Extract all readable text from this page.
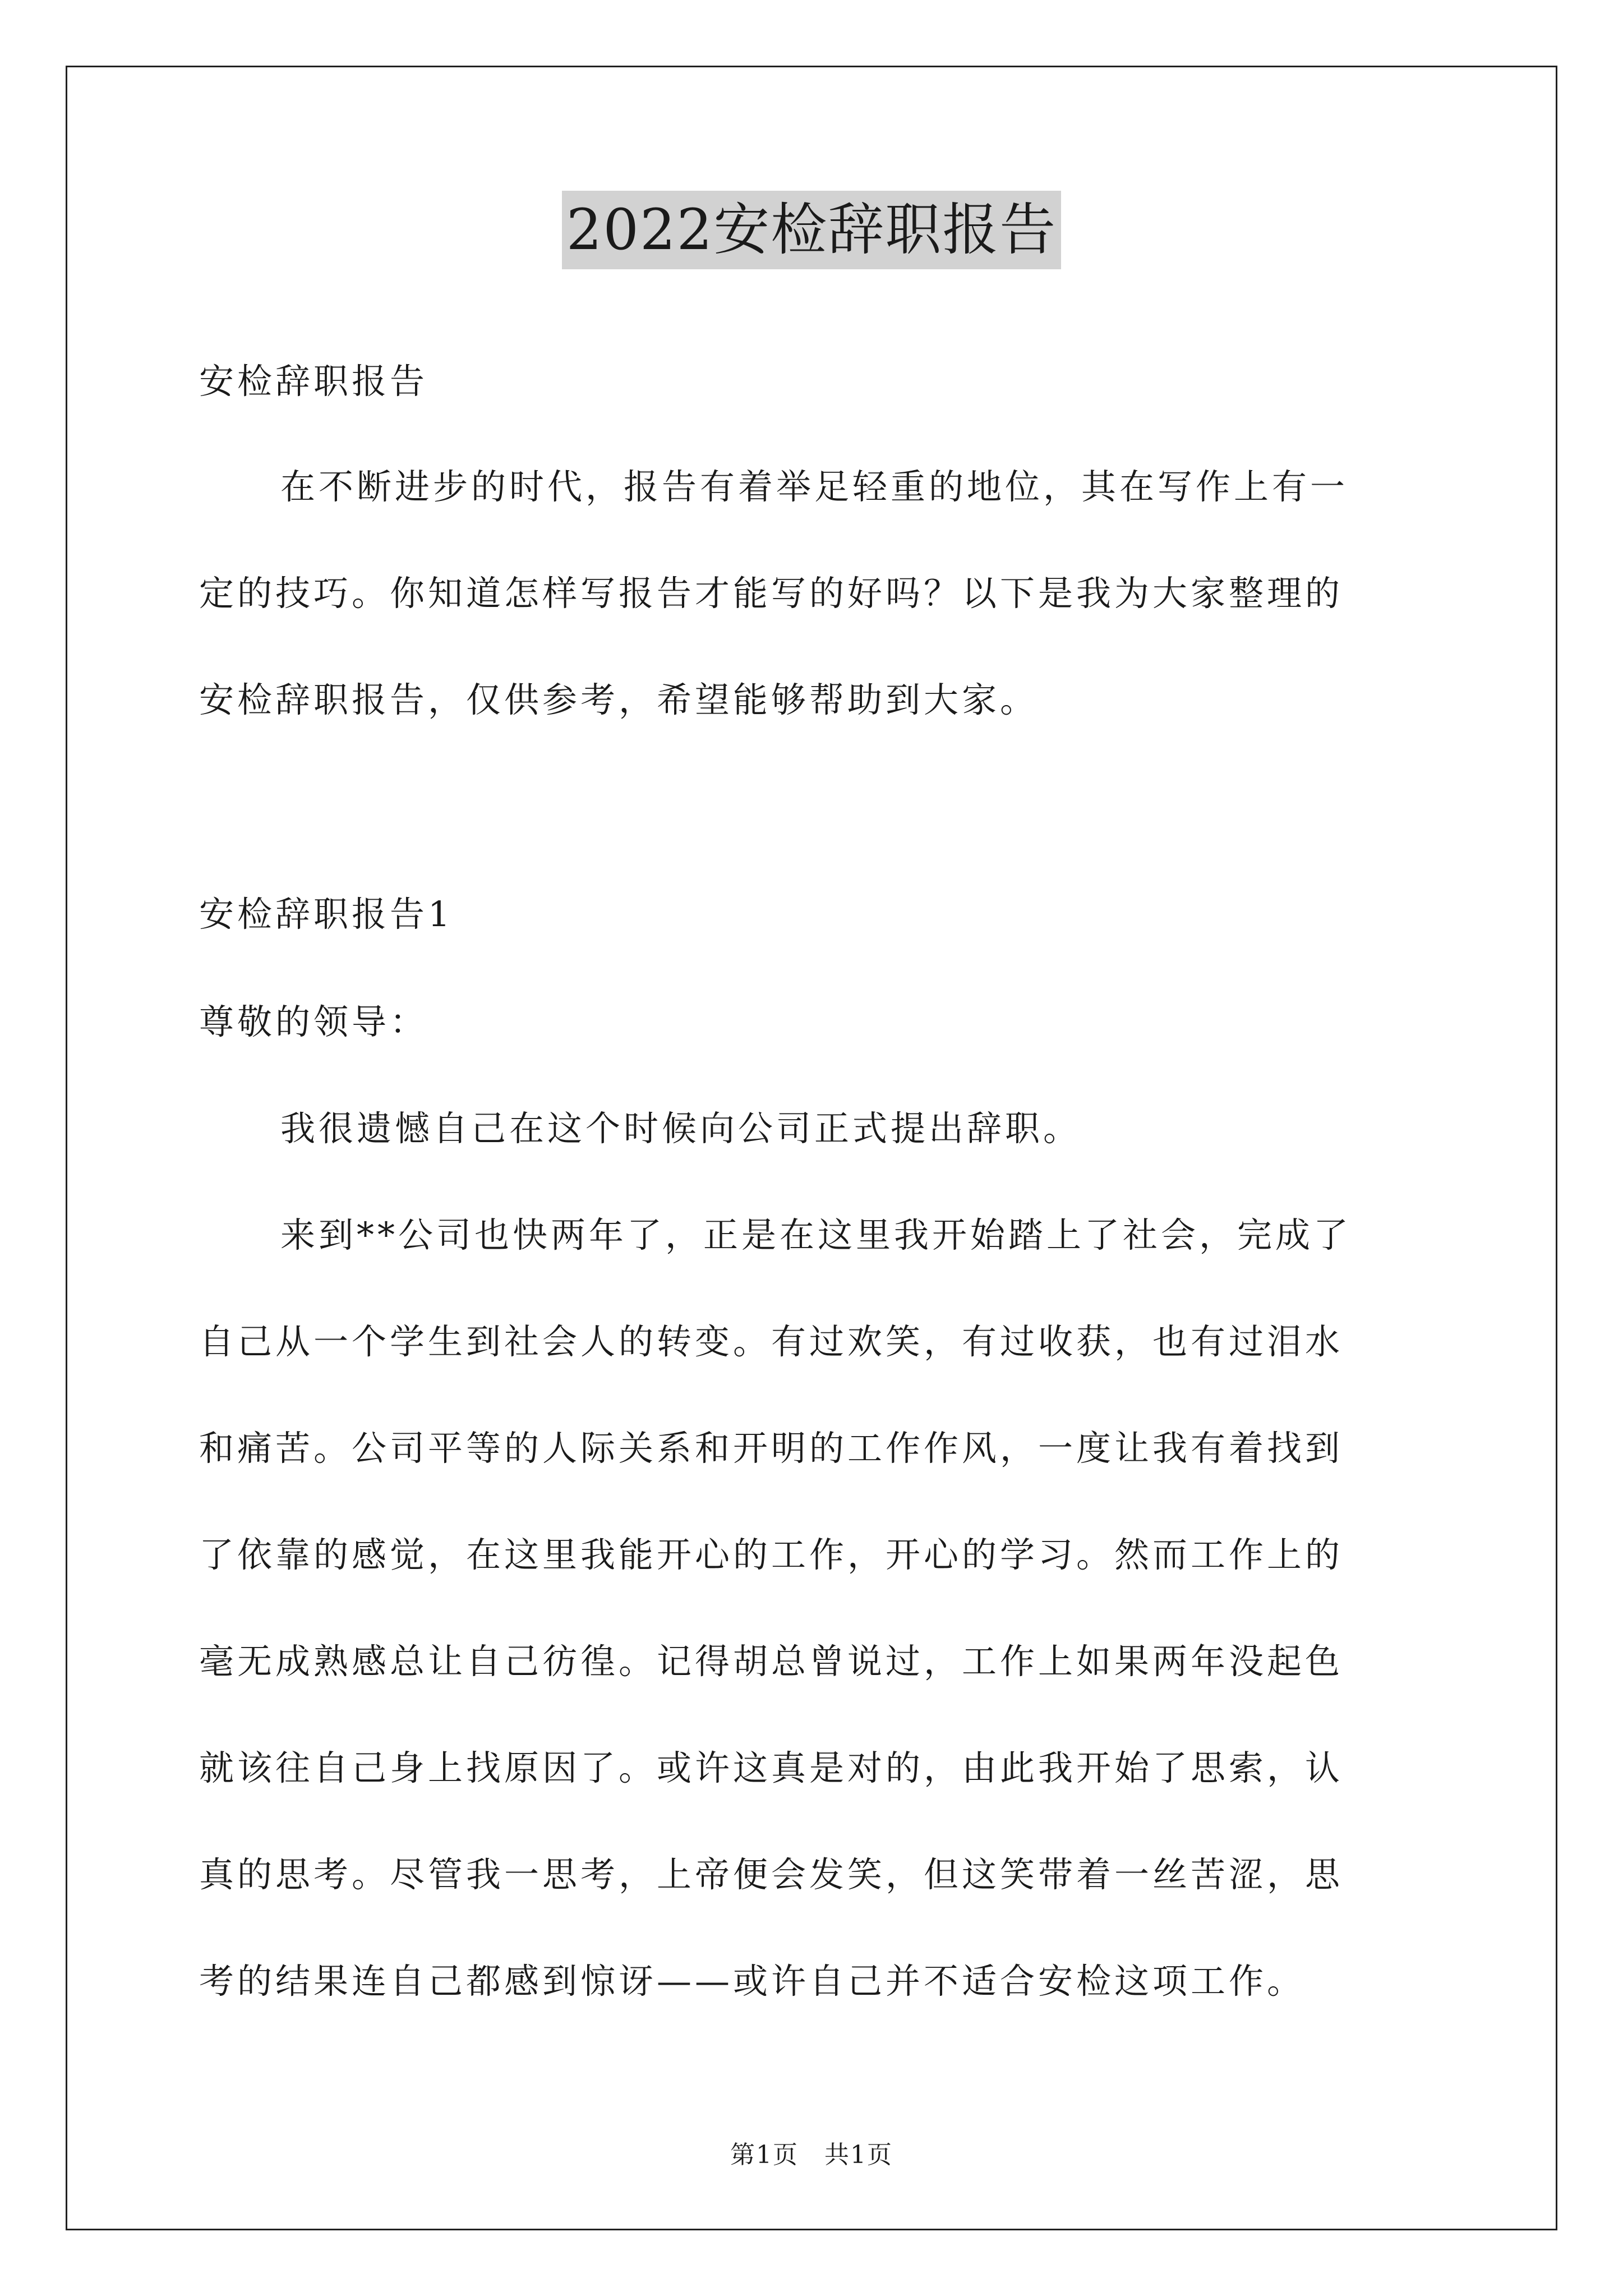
2022安检辞职报告
安检辞职报告
在不断进步的时代，报告有着举足轻重的地位，其在写作上有一
定的技巧。你知道怎样写报告才能写的好吗？以下是我为大家整理的
安检辞职报告，仅供参考，希望能够帮助到大家。
安检辞职报告1
尊敬的领导：
我很遗憾自己在这个时候向公司正式提出辞职。
来到**公司也快两年了，正是在这里我开始踏上了社会，完成了
自己从一个学生到社会人的转变。有过欢笑，有过收获，也有过泪水
和痛苦。公司平等的人际关系和开明的工作作风，一度让我有着找到
了依靠的感觉，在这里我能开心的工作，开心的学习。然而工作上的
毫无成熟感总让自己彷徨。记得胡总曾说过，工作上如果两年没起色
就该往自己身上找原因了。或许这真是对的，由此我开始了思索，认
真的思考。尽管我一思考，上帝便会发笑，但这笑带着一丝苦涩，思
考的结果连自己都感到惊讶——或许自己并不适合安检这项工作。
第1页　共1页
